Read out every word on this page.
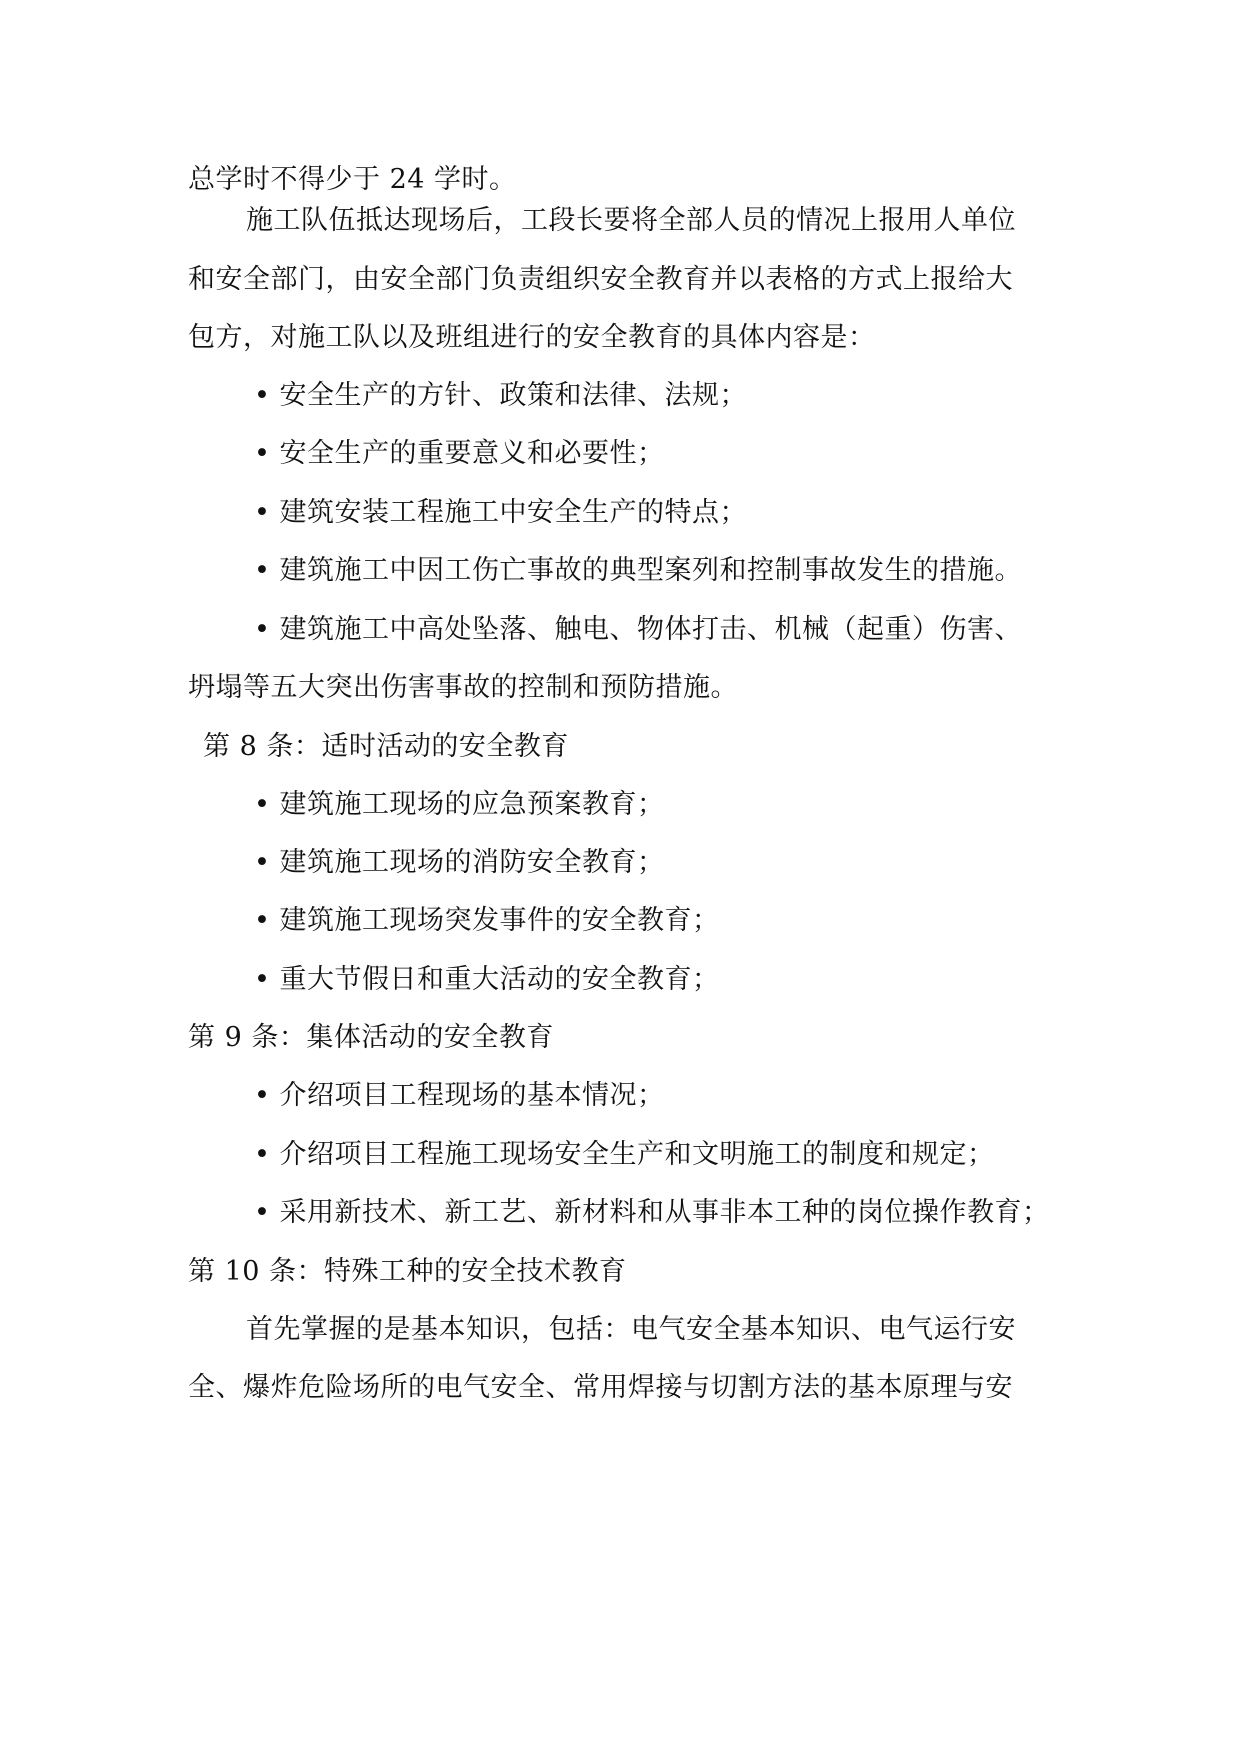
总学时不得少于 24 学时。
施工队伍抵达现场后，工段长要将全部人员的情况上报用人单位
和安全部门，由安全部门负责组织安全教育并以表格的方式上报给大
包方，对施工队以及班组进行的安全教育的具体内容是：
• 安全生产的方针、政策和法律、法规；
• 安全生产的重要意义和必要性；
• 建筑安装工程施工中安全生产的特点；
• 建筑施工中因工伤亡事故的典型案列和控制事故发生的措施。
• 建筑施工中高处坠落、触电、物体打击、机械（起重）伤害、
坍塌等五大突出伤害事故的控制和预防措施。
第 8 条：适时活动的安全教育
• 建筑施工现场的应急预案教育；
• 建筑施工现场的消防安全教育；
• 建筑施工现场突发事件的安全教育；
• 重大节假日和重大活动的安全教育；
第 9 条：集体活动的安全教育
• 介绍项目工程现场的基本情况；
• 介绍项目工程施工现场安全生产和文明施工的制度和规定；
• 采用新技术、新工艺、新材料和从事非本工种的岗位操作教育；
第 10 条：特殊工种的安全技术教育
首先掌握的是基本知识，包括：电气安全基本知识、电气运行安
全、爆炸危险场所的电气安全、常用焊接与切割方法的基本原理与安
